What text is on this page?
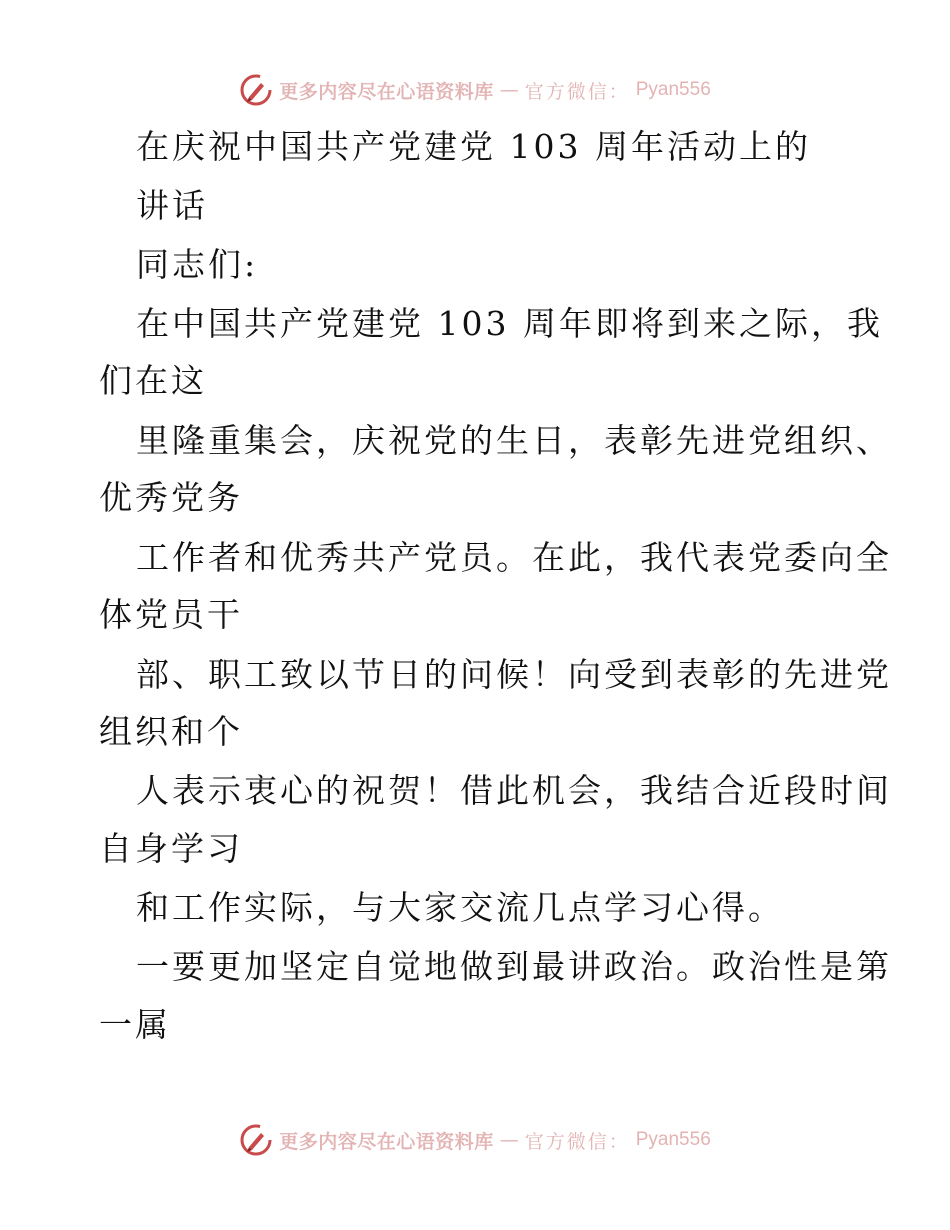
更多内容尽在心语资料库 — 官方微信： Pyan556
在庆祝中国共产党建党 103 周年活动上的
讲话
同志们:
在中国共产党建党 103 周年即将到来之际，我
们在这
里隆重集会，庆祝党的生日，表彰先进党组织、
优秀党务
工作者和优秀共产党员。在此，我代表党委向全
体党员干
部、职工致以节日的问候！向受到表彰的先进党
组织和个
人表示衷心的祝贺！借此机会，我结合近段时间
自身学习
和工作实际，与大家交流几点学习心得。
一要更加坚定自觉地做到最讲政治。政治性是第
一属
更多内容尽在心语资料库 — 官方微信： Pyan556
